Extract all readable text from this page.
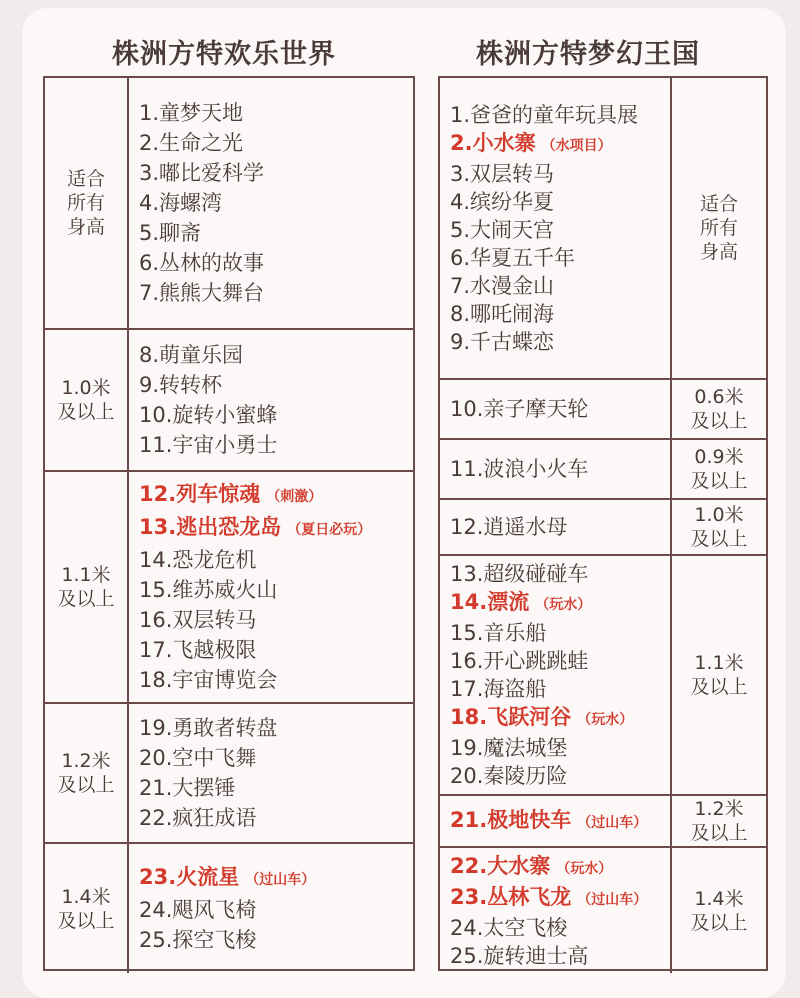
株洲方特欢乐世界	株洲方特梦幻王国
适合
所有
身高
1.童梦天地
2.生命之光
3.嘟比爱科学
4.海螺湾
5.聊斋
6.丛林的故事
7.熊熊大舞台
1.0米
及以上
8.萌童乐园
9.转转杯
10.旋转小蜜蜂
11.宇宙小勇士
1.1米
及以上
12.列车惊魂 （刺激）
13.逃出恐龙岛 （夏日必玩）
14.恐龙危机
15.维苏威火山
16.双层转马
17.飞越极限
18.宇宙博览会
1.2米
及以上
19.勇敢者转盘
20.空中飞舞
21.大摆锤
22.疯狂成语
1.4米
及以上
23.火流星 （过山车）
24.飓风飞椅
25.探空飞梭
适合
所有
身高
1.爸爸的童年玩具展
2.小水寨 （水项目）
3.双层转马
4.缤纷华夏
5.大闹天宫
6.华夏五千年
7.水漫金山
8.哪吒闹海
9.千古蝶恋
0.6米
及以上
10.亲子摩天轮
0.9米
及以上
11.波浪小火车
1.0米
及以上
12.逍遥水母
1.1米
及以上
13.超级碰碰车
14.漂流 （玩水）
15.音乐船
16.开心跳跳蛙
17.海盗船
18.飞跃河谷 （玩水）
19.魔法城堡
20.秦陵历险
1.2米
及以上
21.极地快车 （过山车）
1.4米
及以上
22.大水寨 （玩水）
23.丛林飞龙 （过山车）
24.太空飞梭
25.旋转迪士高
